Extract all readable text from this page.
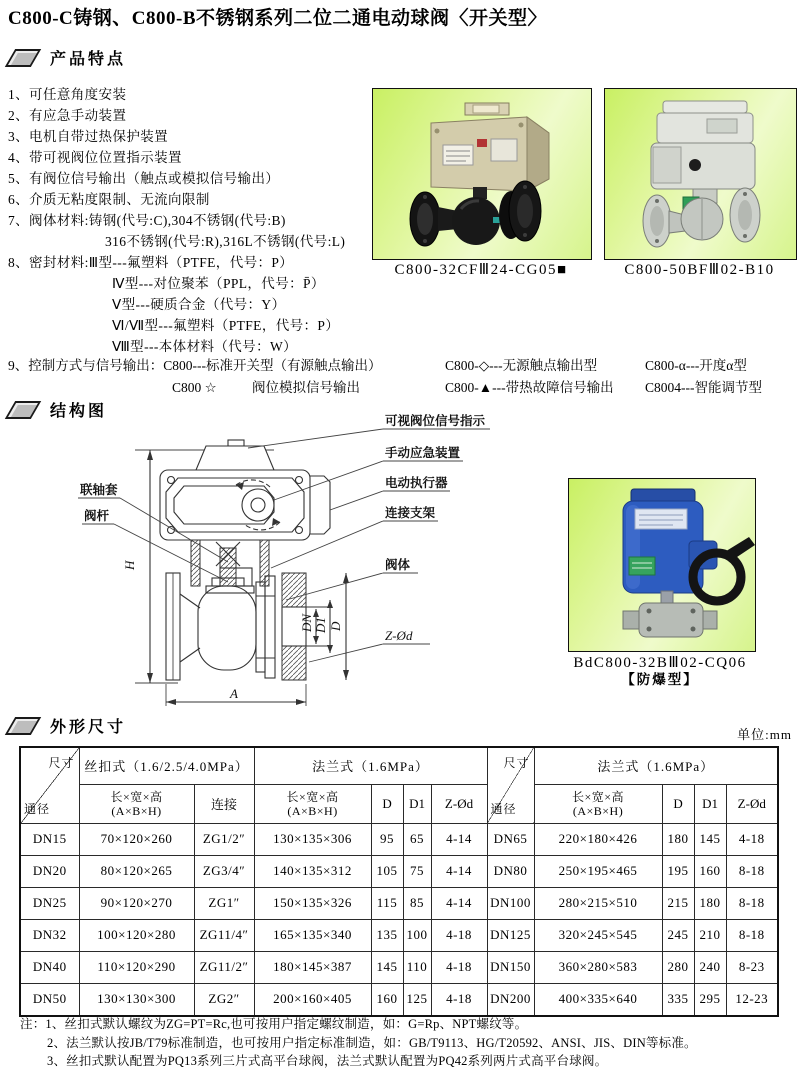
C800-C铸钢、C800-B不锈钢系列二位二通电动球阀〈开关型〉
产品特点
1、可任意角度安装
2、有应急手动装置
3、电机自带过热保护装置
4、带可视阀位位置指示装置
5、有阀位信号输出（触点或模拟信号输出）
6、介质无粘度限制、无流向限制
7、阀体材料:铸钢(代号:C),304不锈钢(代号:B)
316不锈钢(代号:R),316L不锈钢(代号:L)
8、密封材料:Ⅲ型---氟塑料（PTFE，代号：P）
Ⅳ型---对位聚苯（PPL，代号：P̄）
Ⅴ型---硬质合金（代号：Y）
Ⅵ/Ⅶ型---氟塑料（PTFE，代号：P）
Ⅷ型---本体材料（代号：W）
9、控制方式与信号输出：C800---标准开关型（有源触点输出）	C800-◇---无源触点输出型	C800-α---开度α型
C800 ☆	阀位模拟信号输出	C800-▲---带热故障信号输出 C8004---智能调节型
C800-32CFⅢ24-CG05■	C800-50BFⅢ02-B10
结构图
H
DN D1 D
A
可视阀位信号指示
手动应急装置
电动执行器
连接支架
阀体
Z-Ød
联轴套
阀杆
BdC800-32BⅢ02-CQ06
【防爆型】
外形尺寸	单位:mm
尺寸
通径	丝扣式（1.6/2.5/4.0MPa）		法兰式（1.6MPa）				尺寸
通径	法兰式（1.6MPa）			

长×宽×高
(A×B×H)	连接	
长×宽×高
(A×B×H)	D	D1	Z-Ød	长×宽×高
(A×B×H)	D	D1	Z-Ød
DN15	70×120×260	ZG1/2″	130×135×306	95	65	4-14	DN65	220×180×426	180	145	4-18
DN20	80×120×265	ZG3/4″	140×135×312	105	75	4-14	DN80	250×195×465	195	160	8-18
DN25	90×120×270	ZG1″	150×135×326	115	85	4-14	DN100	280×215×510	215	180	8-18
DN32	100×120×280	ZG11/4″	165×135×340	135	100	4-18	DN125	320×245×545	245	210	8-18
DN40	110×120×290	ZG11/2″	180×145×387	145	110	4-18	DN150	360×280×583	280	240	8-23
DN50	130×130×300	ZG2″	200×160×405	160	125	4-18	DN200	400×335×640	335	295	12-23
注：1、丝扣式默认螺纹为ZG=PT=Rc,也可按用户指定螺纹制造，如：G=Rp、NPT螺纹等。
2、法兰默认按JB/T79标准制造，也可按用户指定标准制造，如：GB/T9113、HG/T20592、ANSI、JIS、DIN等标准。
3、丝扣式默认配置为PQ13系列三片式高平台球阀，法兰式默认配置为PQ42系列两片式高平台球阀。
